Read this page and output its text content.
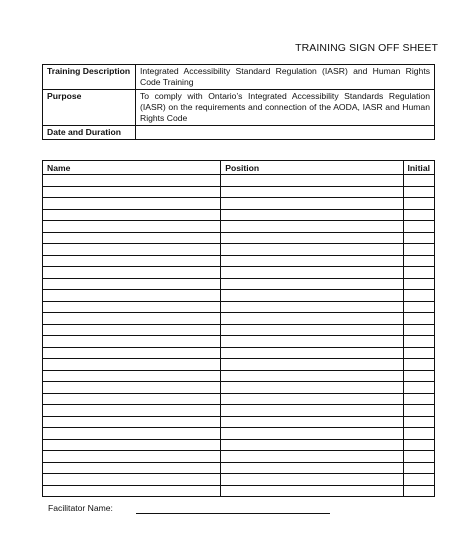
TRAINING SIGN OFF SHEET
Training Description	Integrated Accessibility Standard Regulation (IASR) and Human Rights Code Training
Purpose	To comply with Ontario’s Integrated Accessibility Standards Regulation (IASR) on the requirements and connection of the AODA, IASR and Human Rights Code
Date and Duration	
Name	Position	Initial

Facilitator Name:
